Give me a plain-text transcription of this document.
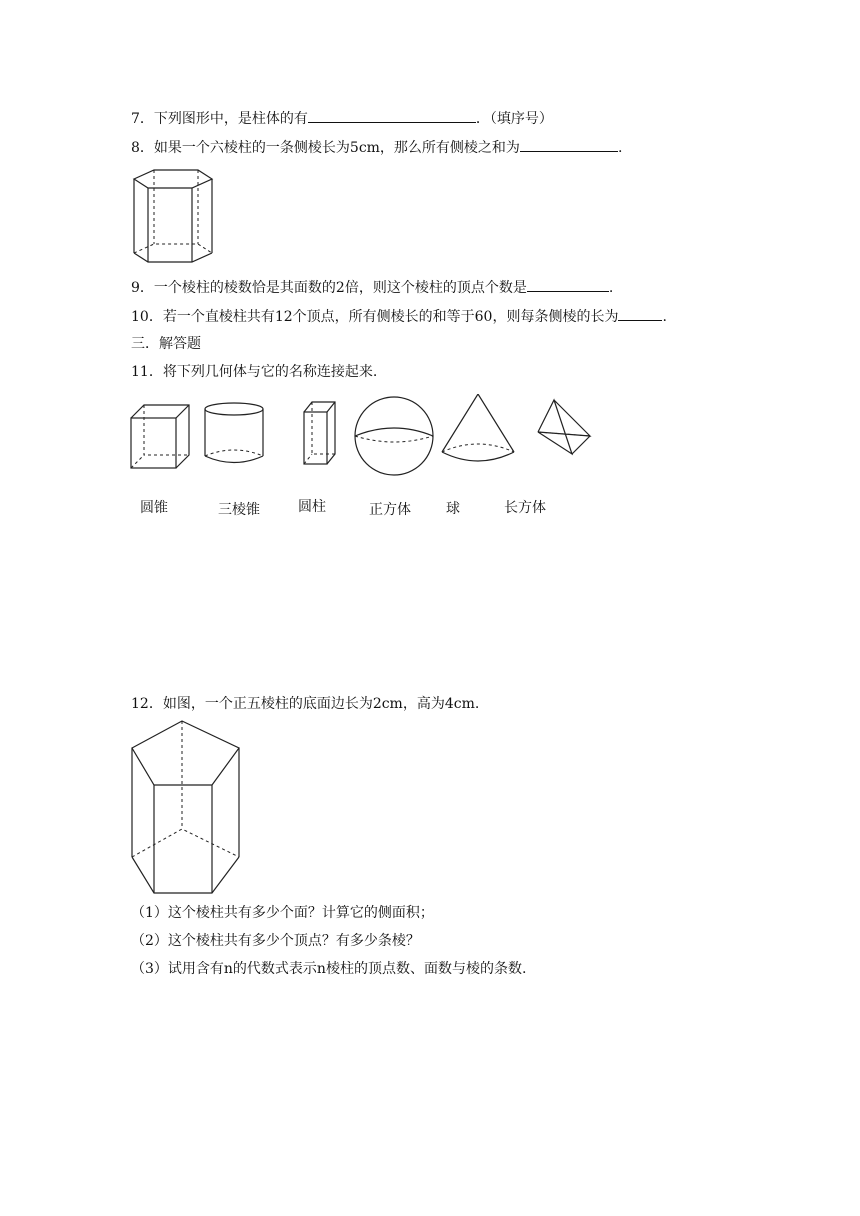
7．下列图形中，是柱体的有	．（填序号）
8．如果一个六棱柱的一条侧棱长为5cm，那么所有侧棱之和为	.
9．一个棱柱的棱数恰是其面数的2倍，则这个棱柱的顶点个数是	.
10．若一个直棱柱共有12个顶点，所有侧棱长的和等于60，则每条侧棱的长为	.
三．解答题
11．将下列几何体与它的名称连接起来.
圆锥	三棱锥	圆柱	正方体	球	长方体
12．如图，一个正五棱柱的底面边长为2cm，高为4cm.
（1）这个棱柱共有多少个面？计算它的侧面积；
（2）这个棱柱共有多少个顶点？有多少条棱？
（3）试用含有n的代数式表示n棱柱的顶点数、面数与棱的条数.
